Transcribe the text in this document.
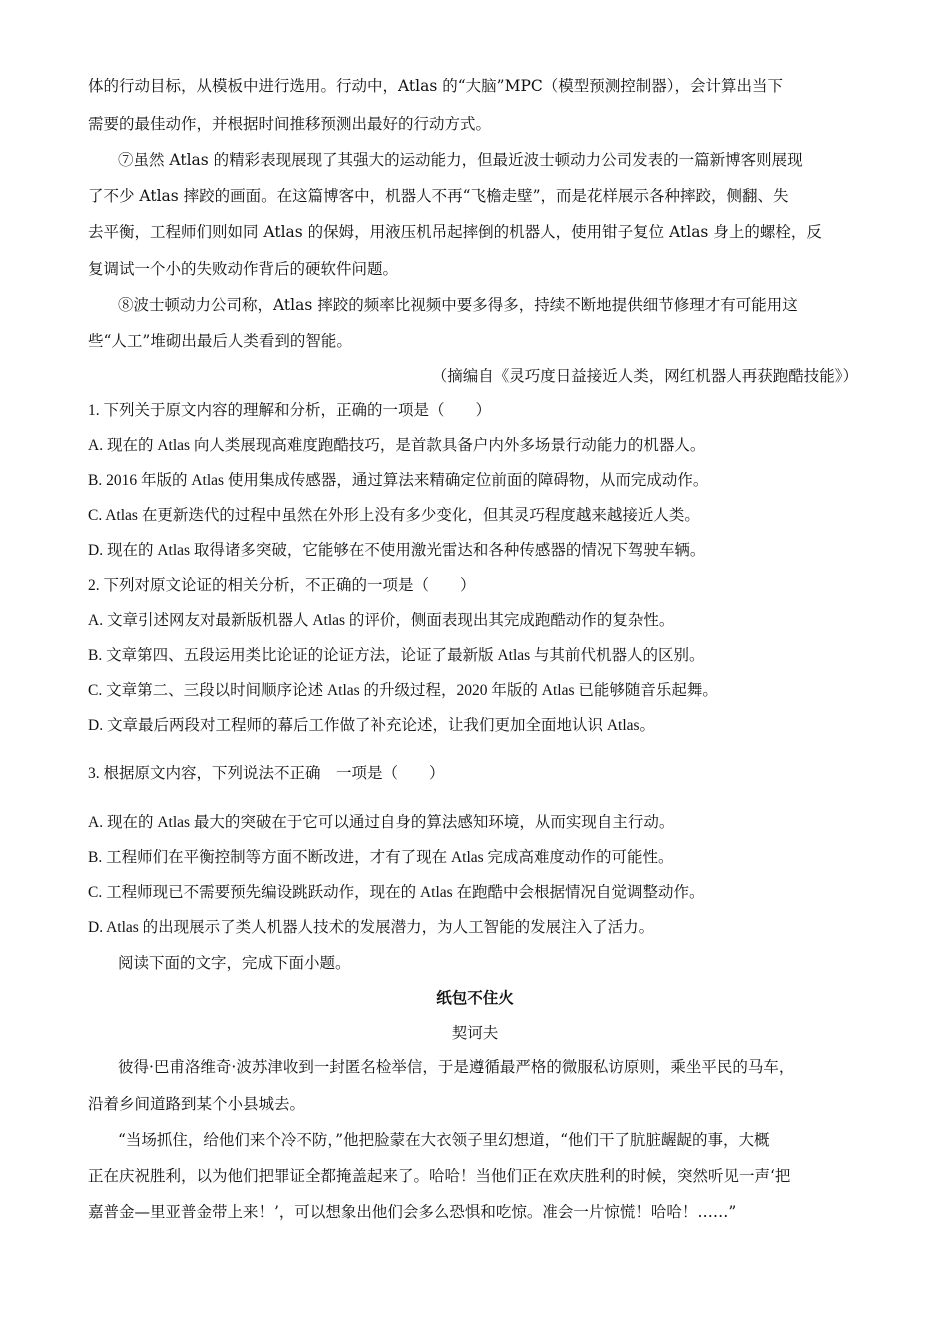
体的行动目标，从模板中进行选用。行动中，Atlas 的“大脑”MPC（模型预测控制器），会计算出当下
需要的最佳动作，并根据时间推移预测出最好的行动方式。
⑦虽然 Atlas 的精彩表现展现了其强大的运动能力，但最近波士顿动力公司发表的一篇新博客则展现
了不少 Atlas 摔跤的画面。在这篇博客中，机器人不再“飞檐走壁”，而是花样展示各种摔跤，侧翻、失
去平衡，工程师们则如同 Atlas 的保姆，用液压机吊起摔倒的机器人，使用钳子复位 Atlas 身上的螺栓，反
复调试一个小的失败动作背后的硬软件问题。
⑧波士顿动力公司称，Atlas 摔跤的频率比视频中要多得多，持续不断地提供细节修理才有可能用这
些“人工”堆砌出最后人类看到的智能。
（摘编自《灵巧度日益接近人类，网红机器人再获跑酷技能》）
1. 下列关于原文内容的理解和分析，正确的一项是（　　）
A. 现在的 Atlas 向人类展现高难度跑酷技巧，是首款具备户内外多场景行动能力的机器人。
B. 2016 年版的 Atlas 使用集成传感器，通过算法来精确定位前面的障碍物，从而完成动作。
C. Atlas 在更新迭代的过程中虽然在外形上没有多少变化，但其灵巧程度越来越接近人类。
D. 现在的 Atlas 取得诸多突破，它能够在不使用激光雷达和各种传感器的情况下驾驶车辆。
2. 下列对原文论证的相关分析，不正确的一项是（　　）
A. 文章引述网友对最新版机器人 Atlas 的评价，侧面表现出其完成跑酷动作的复杂性。
B. 文章第四、五段运用类比论证的论证方法，论证了最新版 Atlas 与其前代机器人的区别。
C. 文章第二、三段以时间顺序论述 Atlas 的升级过程，2020 年版的 Atlas 已能够随音乐起舞。
D. 文章最后两段对工程师的幕后工作做了补充论述，让我们更加全面地认识 Atlas。
3. 根据原文内容，下列说法不正确　一项是（　　）
A. 现在的 Atlas 最大的突破在于它可以通过自身的算法感知环境，从而实现自主行动。
B. 工程师们在平衡控制等方面不断改进，才有了现在 Atlas 完成高难度动作的可能性。
C. 工程师现已不需要预先编设跳跃动作，现在的 Atlas 在跑酷中会根据情况自觉调整动作。
D. Atlas 的出现展示了类人机器人技术的发展潜力，为人工智能的发展注入了活力。
阅读下面的文字，完成下面小题。
纸包不住火
契诃夫
彼得·巴甫洛维奇·波苏津收到一封匿名检举信，于是遵循最严格的微服私访原则，乘坐平民的马车，
沿着乡间道路到某个小县城去。
“当场抓住，给他们来个冷不防，”他把脸蒙在大衣领子里幻想道，“他们干了肮脏龌龊的事，大概
正在庆祝胜利，以为他们把罪证全都掩盖起来了。哈哈！当他们正在欢庆胜利的时候，突然听见一声‘把
嘉普金—里亚普金带上来！’，可以想象出他们会多么恐惧和吃惊。准会一片惊慌！哈哈！……”
